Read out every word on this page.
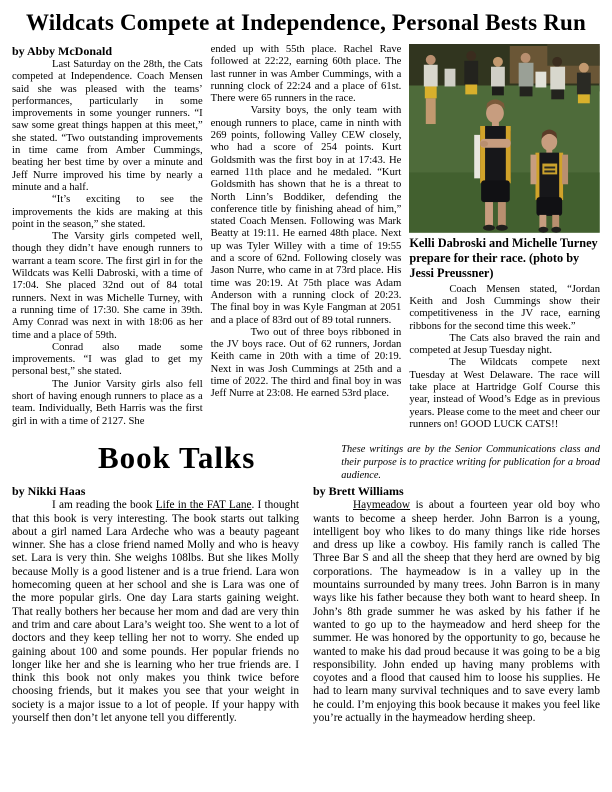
Wildcats Compete at Independence, Personal Bests Run
by Abby McDonald

Last Saturday on the 28th, the Cats competed at Independence. Coach Mensen said she was pleased with the teams’ performances, particularly in some improvements in some younger runners. “I saw some great things happen at this meet,” she stated. “Two outstanding improvements in time came from Amber Cummings, beating her best time by over a minute and Jeff Nurre improved his time by nearly a minute and a half.

“It’s exciting to see the improvements the kids are making at this point in the season,” she stated.

The Varsity girls competed well, though they didn’t have enough runners to warrant a team score. The first girl in for the Wildcats was Kelli Dabroski, with a time of 17:04. She placed 32nd out of 84 total runners. Next in was Michelle Turney, with a running time of 17:30. She came in 39th. Amy Conrad was next in with 18:06 as her time and a place of 59th.

Conrad also made some improvements. “I was glad to get my personal best,” she stated.

The Junior Varsity girls also fell short of having enough runners to place as a team. Individually, Beth Harris was the first girl in with a time of 2127. She

ended up with 55th place. Rachel Rave followed at 22:22, earning 60th place. The last runner in was Amber Cummings, with a running clock of 22:24 and a place of 61st. There were 65 runners in the race.

Varsity boys, the only team with enough runners to place, came in ninth with 269 points, following Valley CEW closely, who had a score of 254 points. Kurt Goldsmith was the first boy in at 17:43. He earned 11th place and he medaled. “Kurt Goldsmith has shown that he is a threat to North Linn’s Boddiker, defending the conference title by finishing ahead of him,” stated Coach Mensen. Following was Mark Beatty at 19:11. He earned 48th place. Next up was Tyler Willey with a time of 19:55 and a score of 62nd. Following closely was Jason Nurre, who came in at 73rd place. His time was 20:19. At 75th place was Adam Anderson with a running clock of 20:23. The final boy in was Kyle Fangman at 2051 and a place of 83rd out of 89 total runners.

Two out of three boys ribboned in the JV boys race. Out of 62 runners, Jordan Keith came in 20th with a time of 20:19. Next in was Josh Cummings at 25th and a time of 2022. The third and final boy in was Jeff Nurre at 23:08. He earned 53rd place.

Kelli Dabroski and Michelle Turney prepare for their race. (photo by Jessi Preussner)

Coach Mensen stated, “Jordan Keith and Josh Cummings show their competitiveness in the JV race, earning ribbons for the second time this week.”

The Cats also braved the rain and competed at Jesup Tuesday night.

The Wildcats compete next Tuesday at West Delaware. The race will take place at Hartridge Golf Course this year, instead of Wood’s Edge as in previous years. Please come to the meet and cheer our runners on! GOOD LUCK CATS!!

Book Talks	These writings are by the Senior Communications class and their purpose is to practice writing for publication for a broad audience.
by Nikki Haas

I am reading the book Life in the FAT Lane. I thought that this book is very interesting. The book starts out talking about a girl named Lara Ardeche who was a beauty pageant winner. She has a close friend named Molly and who is heavy set. Lara is very thin. She weighs 108lbs. But she likes Molly because Molly is a good listener and is a true friend. Lara won homecoming queen at her school and she is Lara was one of the more popular girls. One day Lara starts gaining weight. That really bothers her because her mom and dad are very thin and trim and care about Lara’s weight too. She went to a lot of doctors and they keep telling her not to worry. She ended up gaining about 100 and some pounds. Her popular friends no longer like her and she is learning who her true friends are. I think this book not only makes you think twice before choosing friends, but it makes you see that your weight in society is a major issue to a lot of people. If your happy with yourself then don’t let anyone tell you differently.

by Brett Williams

Haymeadow is about a fourteen year old boy who wants to become a sheep herder. John Barron is a young, intelligent boy who likes to do many things like ride horses and dress up like a cowboy. His family ranch is called The Three Bar S and all the sheep that they herd are owned by big corporations. The haymeadow is in a valley up in the mountains surrounded by many trees. John Barron is in many ways like his father because they both want to heard sheep. In John’s 8th grade summer he was asked by his father if he wanted to go up to the haymeadow and herd sheep for the summer. He was honored by the opportunity to go, because he wanted to make his dad proud because it was going to be a big responsibility. John ended up having many problems with coyotes and a flood that caused him to loose his supplies. He had to learn many survival techniques and to save every lamb he could. I’m enjoying this book because it makes you feel like you’re actually in the haymeadow herding sheep.
